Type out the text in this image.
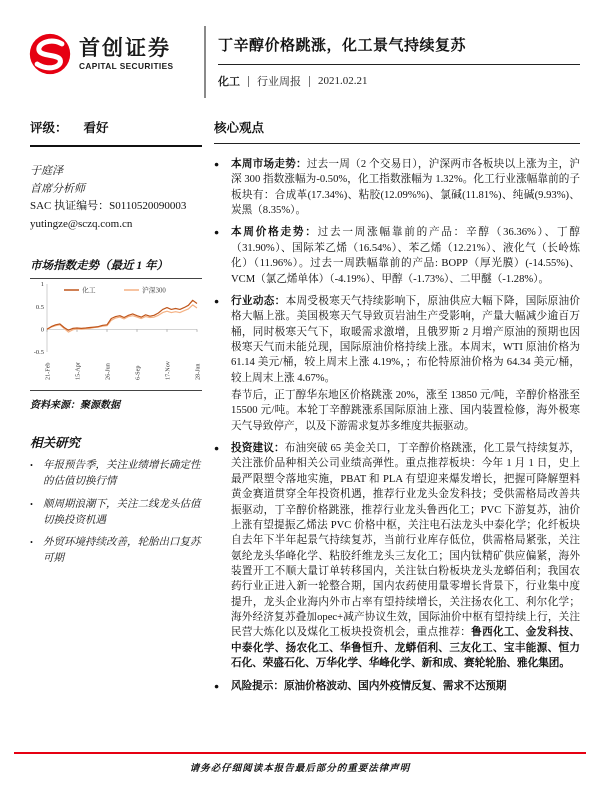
首创证券
CAPITAL SECURITIES
丁辛醇价格跳涨，化工景气持续复苏
化工 行业周报 2021.02.21
评级： 看好
于庭泽
首席分析师
SAC 执证编号：S0110520090003
yutingze@sczq.com.cn
市场指数走势（最近 1 年）
1
0.5
0
-0.5
21-Feb	15-Apr	26-Jun	6-Sep	17-Nov	28-Jan
化工	沪深300
资料来源：聚源数据
相关研究
• 年报预告季，关注业绩增长确定性的估值切换行情
• 顺周期浪潮下，关注二线龙头估值切换投资机遇
• 外贸环境持续改善，轮胎出口复苏可期
核心观点
●	本周市场走势：过去一周（2 个交易日），沪深两市各板块以上涨为主，沪深 300 指数涨幅为-0.50%，化工指数涨幅为 1.32%。化工行业涨幅靠前的子板块有：合成革(17.34%)、粘胶(12.09%%)、氯碱(11.81%)、纯碱(9.93%)、炭黑（8.35%）。
●	本周价格走势：过去一周涨幅靠前的产品：辛醇（36.36%）、丁醇（31.90%）、国际苯乙烯（16.54%）、苯乙烯（12.21%）、液化气（长岭炼化）（11.96%）。过去一周跌幅靠前的产品: BOPP（厚光膜）(-14.55%)、VCM（氯乙烯单体）（-4.19%）、甲醇（-1.73%）、二甲醚（-1.28%）。
●	行业动态：本周受极寒天气持续影响下，原油供应大幅下降，国际原油价格大幅上涨。美国极寒天气导致页岩油生产受影响，产量大幅减少逾百万桶，同时极寒天气下，取暖需求激增，且俄罗斯 2 月增产原油的预期也因极寒天气而未能兑现，国际原油价格持续上涨。本周末，WTI 原油价格为 61.14 美元/桶，较上周末上涨 4.19%，；布伦特原油价格为 64.34 美元/桶，较上周末上涨 4.67%。
春节后，正丁醇华东地区价格跳涨 20%，涨至 13850 元/吨，辛醇价格涨至 15500 元/吨。本轮丁辛醇跳涨系国际原油上涨、国内装置检修，海外极寒天气导致停产，以及下游需求复苏多维度共振驱动。
●	投资建议：布油突破 65 美金关口，丁辛醇价格跳涨，化工景气持续复苏，关注涨价品种相关公司业绩高弹性。重点推荐板块：今年 1 月 1 日，史上最严限塑令落地实施，PBAT 和 PLA 有望迎来爆发增长，把握可降解塑料黄金赛道贯穿全年投资机遇，推荐行业龙头金发科技；受供需格局改善共振驱动，丁辛醇价格跳涨，推荐行业龙头鲁西化工；PVC 下游复苏，油价上涨有望提振乙烯法 PVC 价格中枢，关注电石法龙头中泰化学；化纤板块自去年下半年起景气持续复苏，当前行业库存低位，供需格局紧张，关注氨纶龙头华峰化学、粘胶纤维龙头三友化工；国内钛精矿供应偏紧，海外装置开工不顺大量订单转移国内，关注钛白粉板块龙头龙蟒佰利；我国农药行业正进入新一轮整合期，国内农药使用量零增长背景下，行业集中度提升，龙头企业海内外市占率有望持续增长，关注扬农化工、利尔化学；海外经济复苏叠加opec+减产协议生效，国际油价中枢有望持续上行，关注民营大炼化以及煤化工板块投资机会，重点推荐：鲁西化工、金发科技、中泰化学、扬农化工、华鲁恒升、龙蟒佰利、三友化工、宝丰能源、恒力石化、荣盛石化、万华化学、华峰化学、新和成、赛轮轮胎、雅化集团。
●	风险提示：原油价格波动、国内外疫情反复、需求不达预期
请务必仔细阅读本报告最后部分的重要法律声明
